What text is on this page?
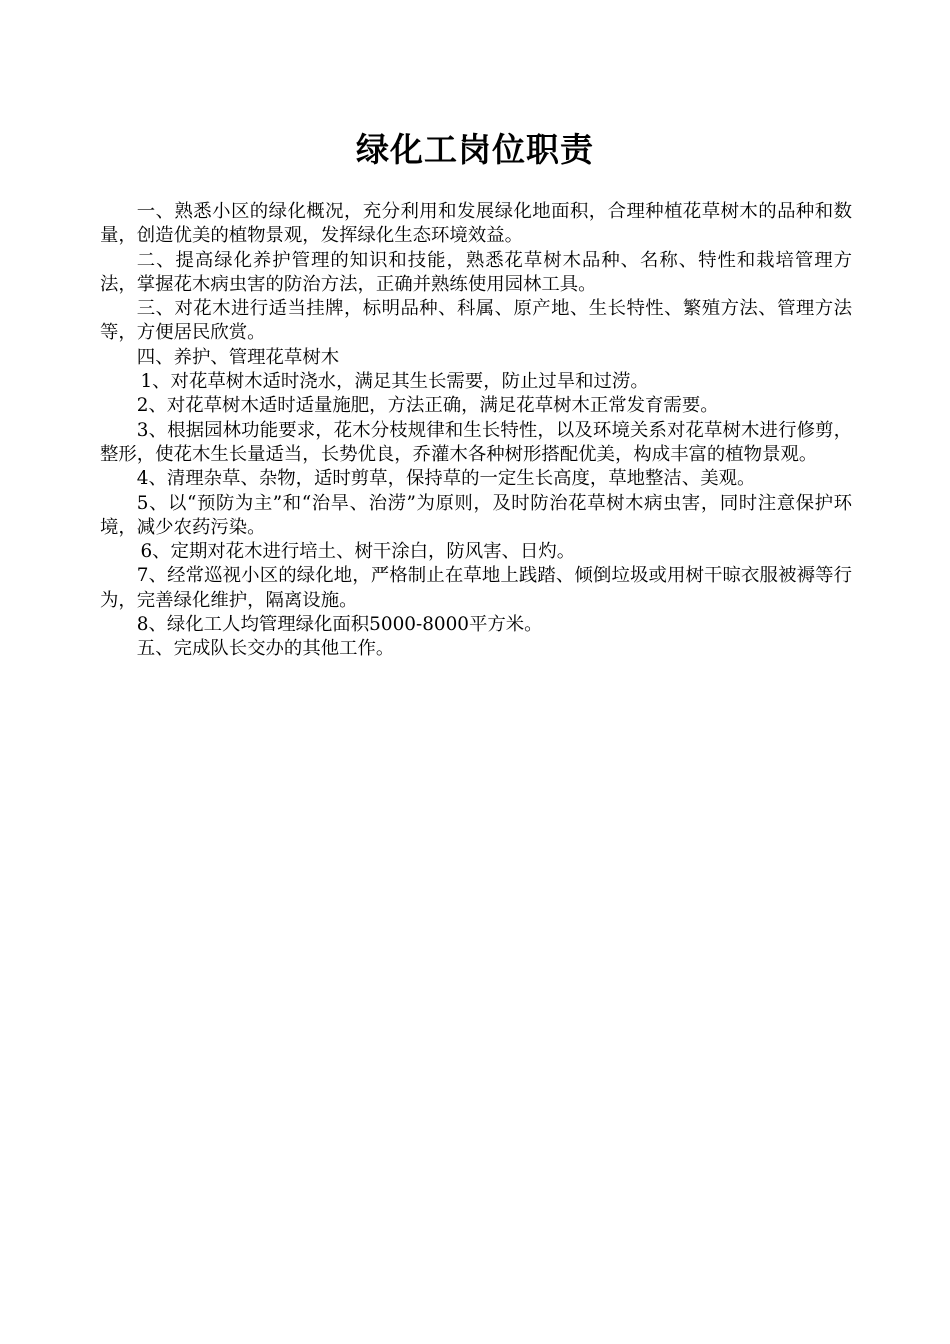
绿化工岗位职责

一、熟悉小区的绿化概况，充分利用和发展绿化地面积，合理种植花草树木的品种和数量，创造优美的植物景观，发挥绿化生态环境效益。

二、提高绿化养护管理的知识和技能，熟悉花草树木品种、名称、特性和栽培管理方法，掌握花木病虫害的防治方法，正确并熟练使用园林工具。

三、对花木进行适当挂牌，标明品种、科属、原产地、生长特性、繁殖方法、管理方法等，方便居民欣赏。

四、养护、管理花草树木

1、对花草树木适时浇水，满足其生长需要，防止过旱和过涝。

2、对花草树木适时适量施肥，方法正确，满足花草树木正常发育需要。

3、根据园林功能要求，花木分枝规律和生长特性，以及环境关系对花草树木进行修剪，整形，使花木生长量适当，长势优良，乔灌木各种树形搭配优美，构成丰富的植物景观。

4、清理杂草、杂物，适时剪草，保持草的一定生长高度，草地整洁、美观。

5、以“预防为主”和“治旱、治涝”为原则，及时防治花草树木病虫害，同时注意保护环境，减少农药污染。

6、定期对花木进行培土、树干涂白，防风害、日灼。

7、经常巡视小区的绿化地，严格制止在草地上践踏、倾倒垃圾或用树干晾衣服被褥等行为，完善绿化维护，隔离设施。

8、绿化工人均管理绿化面积5000-8000平方米。

五、完成队长交办的其他工作。
